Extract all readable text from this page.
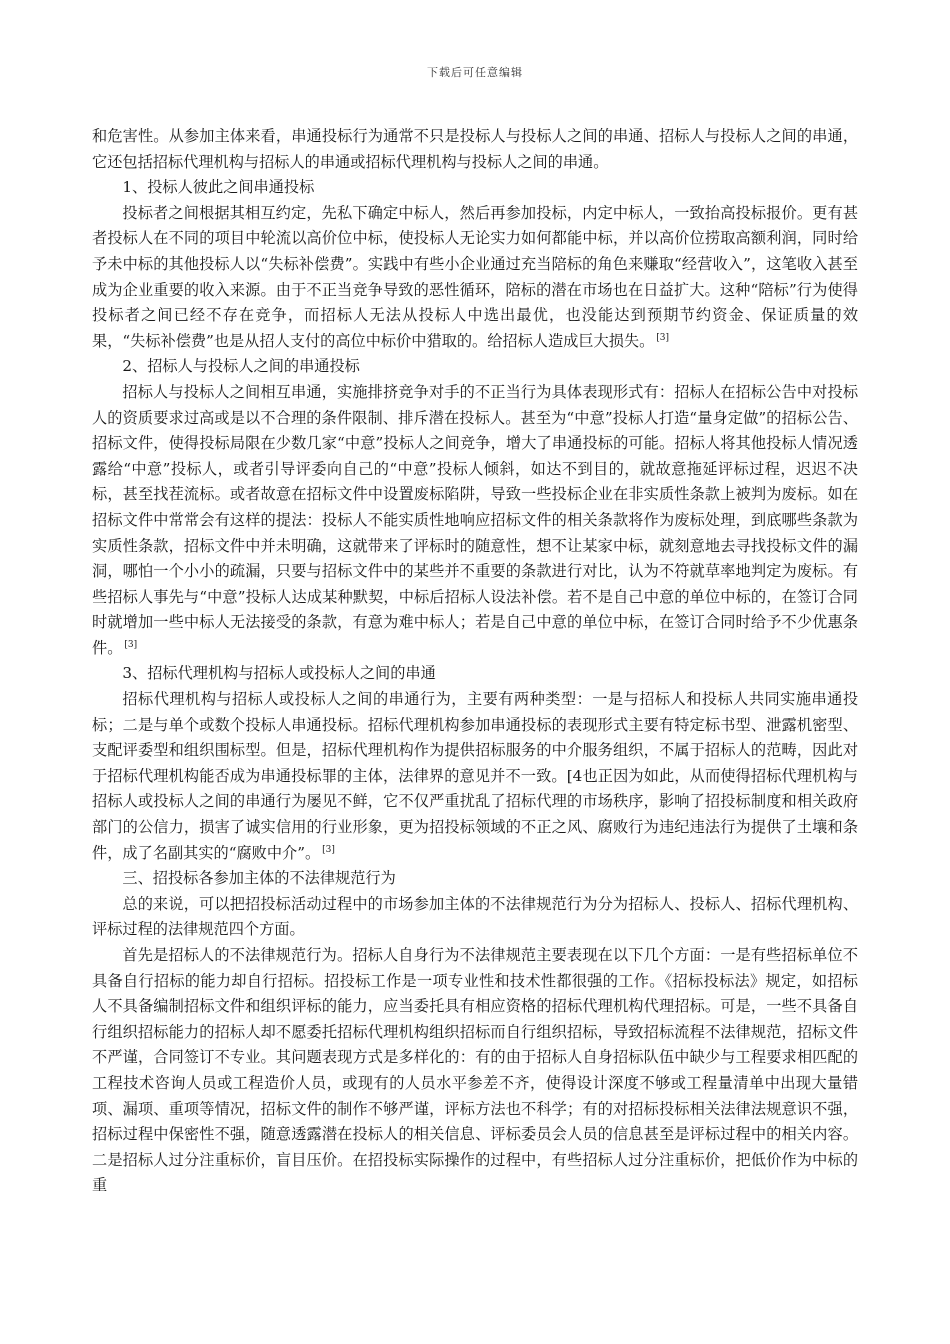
下载后可任意编辑

和危害性。从参加主体来看，串通投标行为通常不只是投标人与投标人之间的串通、招标人与投标人之间的串通，它还包括招标代理机构与招标人的串通或招标代理机构与投标人之间的串通。

1、投标人彼此之间串通投标

投标者之间根据其相互约定，先私下确定中标人，然后再参加投标，内定中标人，一致抬高投标报价。更有甚者投标人在不同的项目中轮流以高价位中标，使投标人无论实力如何都能中标，并以高价位捞取高额利润，同时给予未中标的其他投标人以“失标补偿费”。实践中有些小企业通过充当陪标的角色来赚取“经营收入”，这笔收入甚至成为企业重要的收入来源。由于不正当竞争导致的恶性循环，陪标的潜在市场也在日益扩大。这种“陪标”行为使得投标者之间已经不存在竞争，而招标人无法从投标人中选出最优，也没能达到预期节约资金、保证质量的效果，“失标补偿费”也是从招人支付的高位中标价中猎取的。给招标人造成巨大损失。 [3]

2、招标人与投标人之间的串通投标

招标人与投标人之间相互串通，实施排挤竞争对手的不正当行为具体表现形式有：招标人在招标公告中对投标人的资质要求过高或是以不合理的条件限制、排斥潜在投标人。甚至为“中意”投标人打造“量身定做”的招标公告、招标文件，使得投标局限在少数几家“中意”投标人之间竞争，增大了串通投标的可能。招标人将其他投标人情况透露给“中意”投标人，或者引导评委向自己的“中意”投标人倾斜，如达不到目的，就故意拖延评标过程，迟迟不决标，甚至找茬流标。或者故意在招标文件中设置废标陷阱，导致一些投标企业在非实质性条款上被判为废标。如在招标文件中常常会有这样的提法：投标人不能实质性地响应招标文件的相关条款将作为废标处理，到底哪些条款为实质性条款，招标文件中并未明确，这就带来了评标时的随意性，想不让某家中标，就刻意地去寻找投标文件的漏洞，哪怕一个小小的疏漏，只要与招标文件中的某些并不重要的条款进行对比，认为不符就草率地判定为废标。有些招标人事先与“中意”投标人达成某种默契，中标后招标人设法补偿。若不是自己中意的单位中标的，在签订合同时就增加一些中标人无法接受的条款，有意为难中标人；若是自己中意的单位中标，在签订合同时给予不少优惠条件。 [3]

3、招标代理机构与招标人或投标人之间的串通

招标代理机构与招标人或投标人之间的串通行为，主要有两种类型：一是与招标人和投标人共同实施串通投标；二是与单个或数个投标人串通投标。招标代理机构参加串通投标的表现形式主要有特定标书型、泄露机密型、支配评委型和组织围标型。但是，招标代理机构作为提供招标服务的中介服务组织，不属于招标人的范畴，因此对于招标代理机构能否成为串通投标罪的主体，法律界的意见并不一致。[4也正因为如此，从而使得招标代理机构与招标人或投标人之间的串通行为屡见不鲜，它不仅严重扰乱了招标代理的市场秩序，影响了招投标制度和相关政府部门的公信力，损害了诚实信用的行业形象，更为招投标领域的不正之风、腐败行为违纪违法行为提供了土壤和条件，成了名副其实的“腐败中介”。 [3]

三、招投标各参加主体的不法律规范行为

总的来说，可以把招投标活动过程中的市场参加主体的不法律规范行为分为招标人、投标人、招标代理机构、评标过程的法律规范四个方面。

首先是招标人的不法律规范行为。招标人自身行为不法律规范主要表现在以下几个方面：一是有些招标单位不具备自行招标的能力却自行招标。招投标工作是一项专业性和技术性都很强的工作。《招标投标法》规定，如招标人不具备编制招标文件和组织评标的能力，应当委托具有相应资格的招标代理机构代理招标。可是，一些不具备自行组织招标能力的招标人却不愿委托招标代理机构组织招标而自行组织招标，导致招标流程不法律规范，招标文件不严谨，合同签订不专业。其问题表现方式是多样化的：有的由于招标人自身招标队伍中缺少与工程要求相匹配的工程技术咨询人员或工程造价人员，或现有的人员水平参差不齐，使得设计深度不够或工程量清单中出现大量错项、漏项、重项等情况，招标文件的制作不够严谨，评标方法也不科学；有的对招标投标相关法律法规意识不强，招标过程中保密性不强，随意透露潜在投标人的相关信息、评标委员会人员的信息甚至是评标过程中的相关内容。二是招标人过分注重标价，盲目压价。在招投标实际操作的过程中，有些招标人过分注重标价，把低价作为中标的重
